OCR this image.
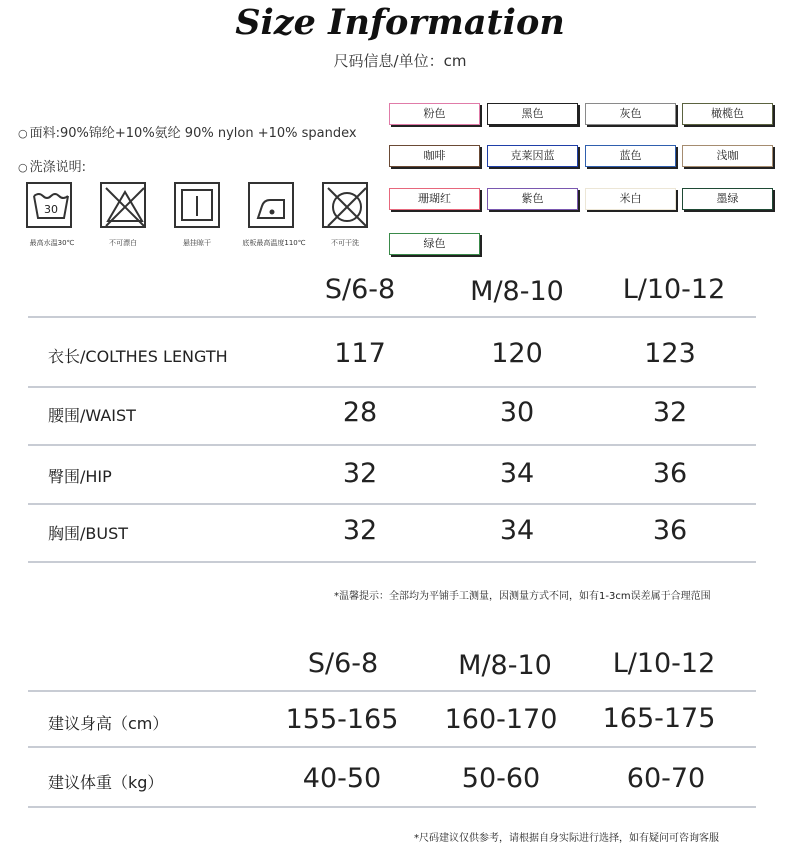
Size Information
尺码信息/单位：cm
○ 面料:90%锦纶+10%氨纶 90% nylon +10% spandex
○ 洗涤说明:
30
最高水温30℃	不可漂白	悬挂晾干	底板最高温度110℃	不可干洗
粉色	黑色	灰色	橄榄色
咖啡	克莱因蓝	蓝色	浅咖
珊瑚红	紫色	米白	墨绿
绿色
S/6-8	M/8-10	L/10-12
衣长/COLTHES LENGTH	117	120	123
腰围/WAIST	28	30	32
臀围/HIP	32	34	36
胸围/BUST	32	34	36
*温馨提示：全部均为平铺手工测量，因测量方式不同，如有1-3cm误差属于合理范围
S/6-8	M/8-10	L/10-12
建议身高（cm）	155-165	160-170	165-175
建议体重（kg）	40-50	50-60	60-70
*尺码建议仅供参考，请根据自身实际进行选择，如有疑问可咨询客服
